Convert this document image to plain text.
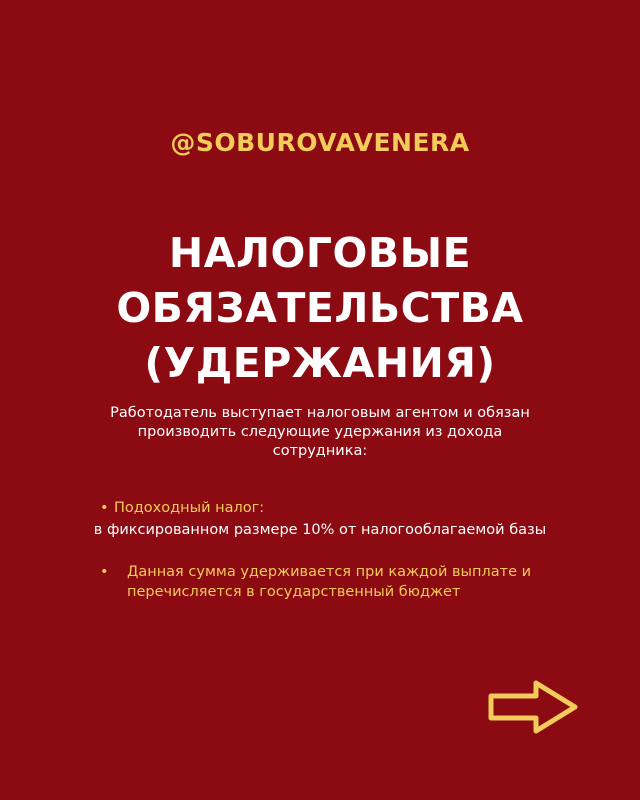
@SOBUROVAVENERA
НАЛОГОВЫЕ
ОБЯЗАТЕЛЬСТВА
(УДЕРЖАНИЯ)
Работодатель выступает налоговым агентом и обязан
производить следующие удержания из дохода
сотрудника:
• Подоходный налог:
в фиксированном размере 10% от налогооблагаемой базы
• Данная сумма удерживается при каждой выплате и
перечисляется в государственный бюджет
